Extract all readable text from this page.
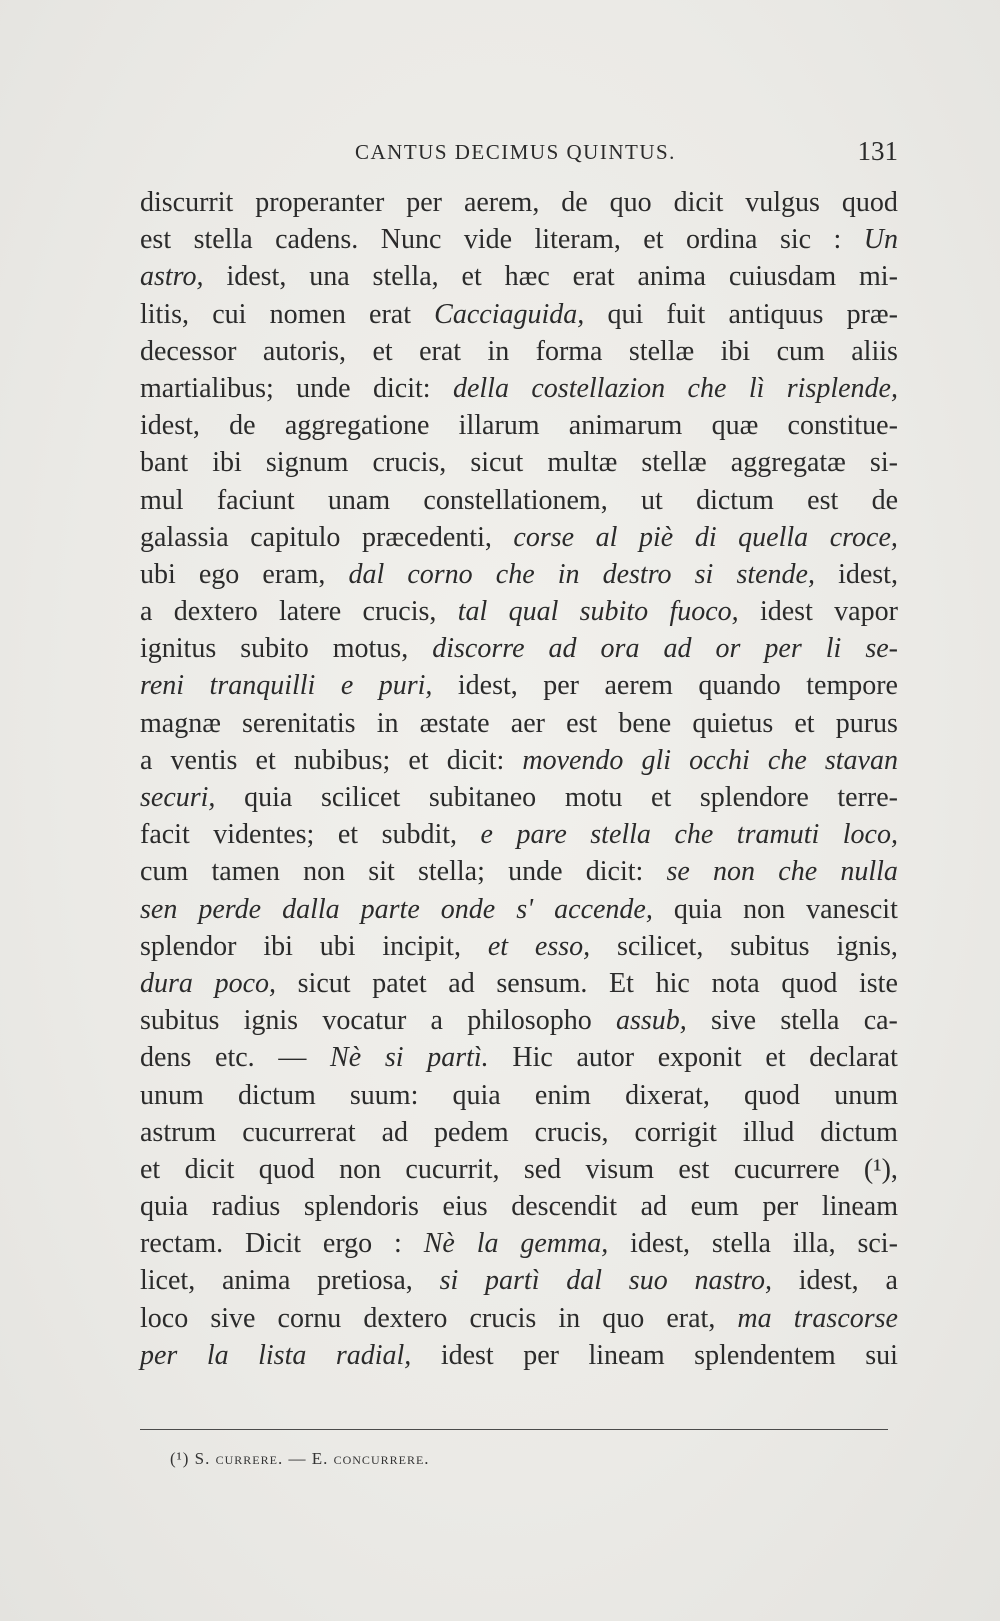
CANTUS DECIMUS QUINTUS.	131
discurrit properanter per aerem, de quo dicit vulgus quod
est stella cadens. Nunc vide literam, et ordina sic : Un
astro, idest, una stella, et hæc erat anima cuiusdam mi-
litis, cui nomen erat Cacciaguida, qui fuit antiquus præ-
decessor autoris, et erat in forma stellæ ibi cum aliis
martialibus; unde dicit: della costellazion che lì risplende,
idest, de aggregatione illarum animarum quæ constitue-
bant ibi signum crucis, sicut multæ stellæ aggregatæ si-
mul faciunt unam constellationem, ut dictum est de
galassia capitulo præcedenti, corse al piè di quella croce,
ubi ego eram, dal corno che in destro si stende, idest,
a dextero latere crucis, tal qual subito fuoco, idest vapor
ignitus subito motus, discorre ad ora ad or per li se-
reni tranquilli e puri, idest, per aerem quando tempore
magnæ serenitatis in æstate aer est bene quietus et purus
a ventis et nubibus; et dicit: movendo gli occhi che stavan
securi, quia scilicet subitaneo motu et splendore terre-
facit videntes; et subdit, e pare stella che tramuti loco,
cum tamen non sit stella; unde dicit: se non che nulla
sen perde dalla parte onde s' accende, quia non vanescit
splendor ibi ubi incipit, et esso, scilicet, subitus ignis,
dura poco, sicut patet ad sensum. Et hic nota quod iste
subitus ignis vocatur a philosopho assub, sive stella ca-
dens etc. — Nè si partì. Hic autor exponit et declarat
unum dictum suum: quia enim dixerat, quod unum
astrum cucurrerat ad pedem crucis, corrigit illud dictum
et dicit quod non cucurrit, sed visum est cucurrere (¹),
quia radius splendoris eius descendit ad eum per lineam
rectam. Dicit ergo : Nè la gemma, idest, stella illa, sci-
licet, anima pretiosa, si partì dal suo nastro, idest, a
loco sive cornu dextero crucis in quo erat, ma trascorse
per la lista radial, idest per lineam splendentem sui
(¹) S. currere. — E. concurrere.
